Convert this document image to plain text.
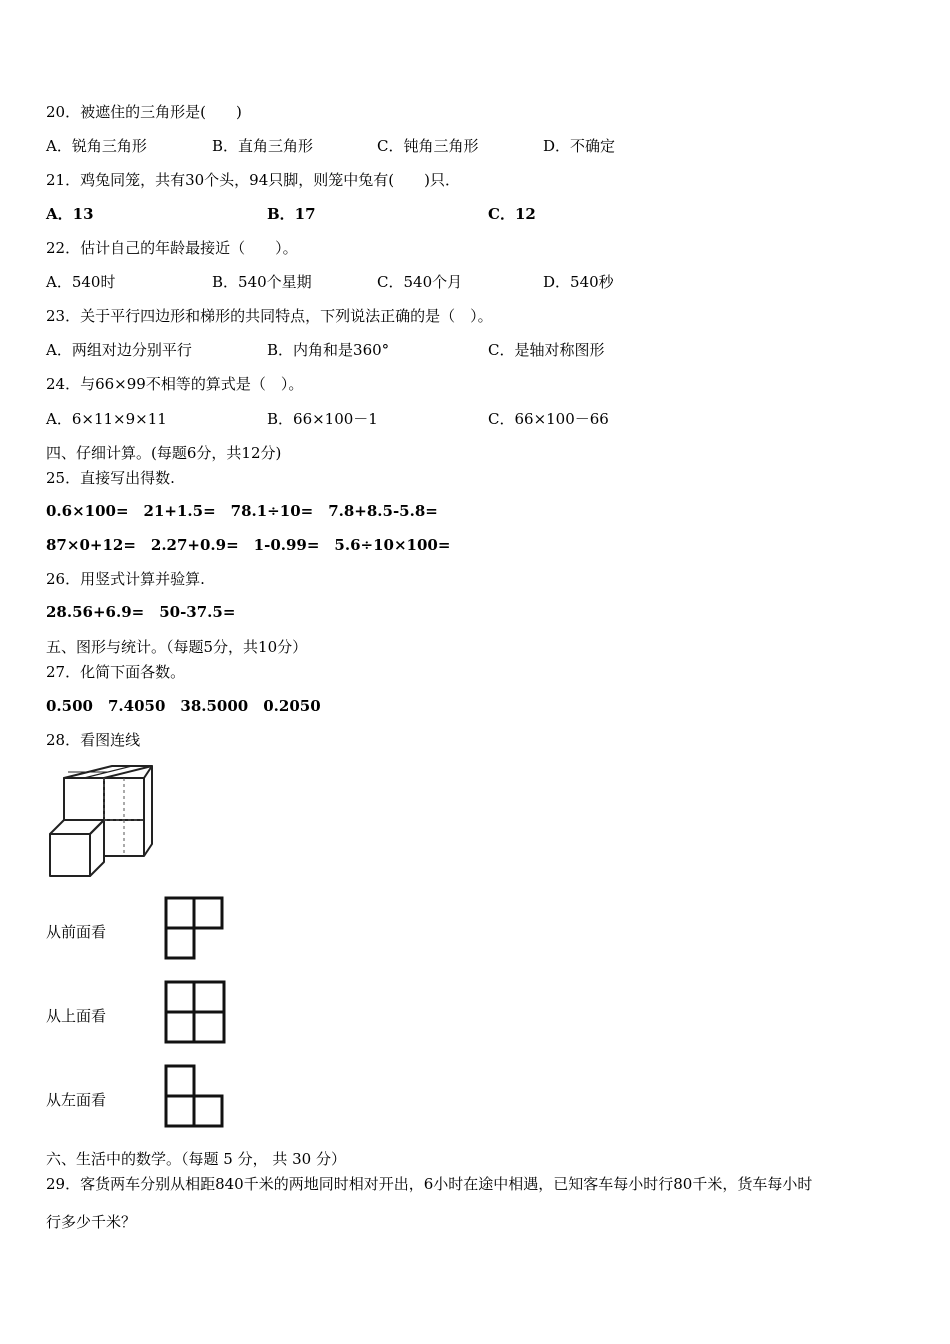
20．被遮住的三角形是(　　)
A．锐角三角形	B．直角三角形	C．钝角三角形	D．不确定
21．鸡兔同笼，共有30个头，94只脚，则笼中兔有(　　)只．
A．13	B．17	C．12
22．估计自己的年龄最接近（　　）。
A．540时	B．540个星期	C．540个月	D．540秒
23．关于平行四边形和梯形的共同特点，下列说法正确的是（　）。
A．两组对边分别平行	B．内角和是360°	C．是轴对称图形
24．与66×99不相等的算式是（　）。
A．6×11×9×11	B．66×100－1	C．66×100－66
四、仔细计算。(每题6分，共12分)
25．直接写出得数.
0.6×100=　21+1.5=　78.1÷10=　7.8+8.5-5.8=
87×0+12=　2.27+0.9=　1-0.99=　5.6÷10×100=
26．用竖式计算并验算.
28.56+6.9=　50-37.5=
五、图形与统计。（每题5分，共10分）
27．化简下面各数。
0.500　7.4050　38.5000　0.2050
28．看图连线
从前面看
从上面看
从左面看
六、生活中的数学。（每题 5 分， 共 30 分）
29．客货两车分别从相距840千米的两地同时相对开出，6小时在途中相遇，已知客车每小时行80千米，货车每小时
行多少千米？
